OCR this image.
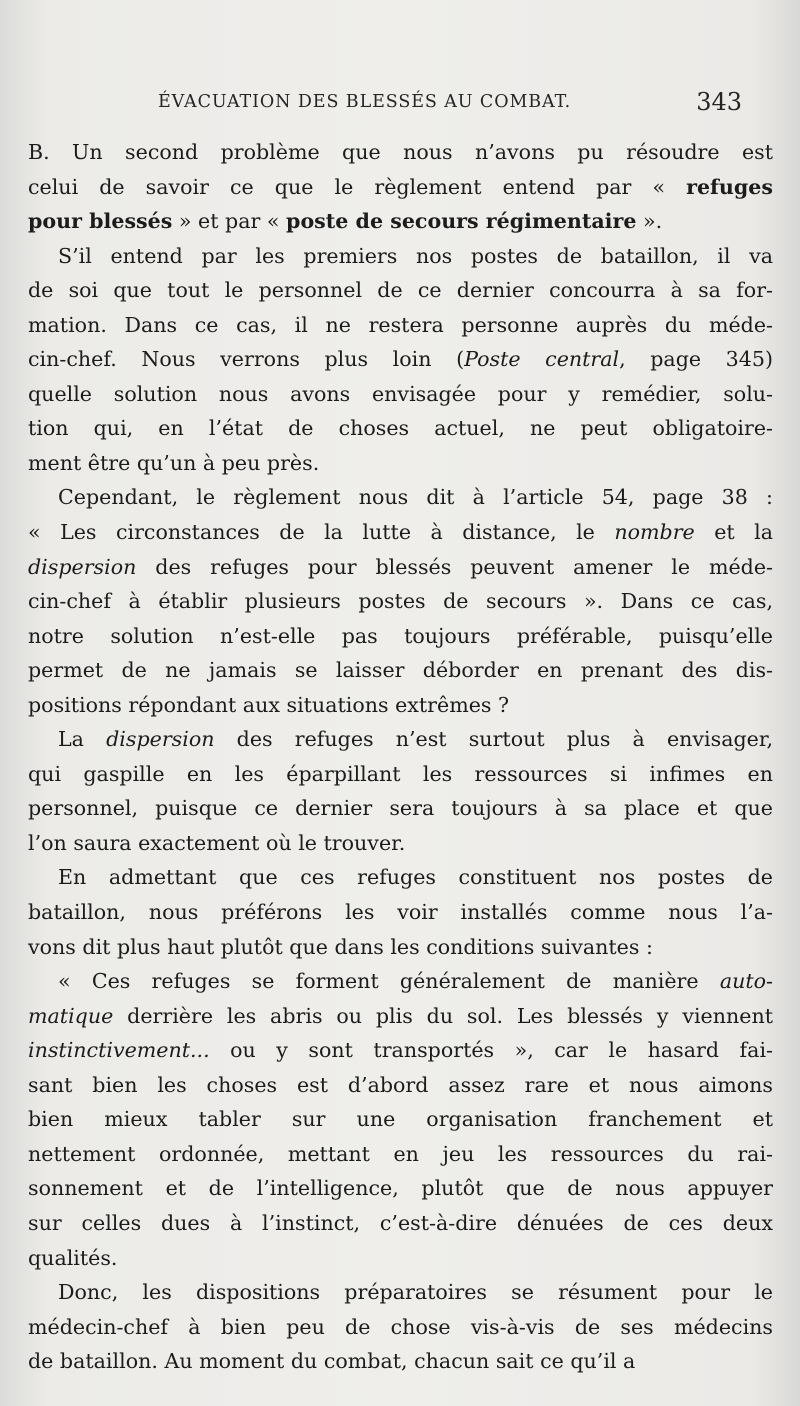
ÉVACUATION DES BLESSÉS AU COMBAT.	343
B. Un second problème que nous n’avons pu résoudre est
celui de savoir ce que le règlement entend par « refuges
pour blessés » et par « poste de secours régimentaire ».
S’il entend par les premiers nos postes de bataillon, il va
de soi que tout le personnel de ce dernier concourra à sa for-
mation. Dans ce cas, il ne restera personne auprès du méde-
cin-chef. Nous verrons plus loin (Poste central, page 345)
quelle solution nous avons envisagée pour y remédier, solu-
tion qui, en l’état de choses actuel, ne peut obligatoire-
ment être qu’un à peu près.
Cependant, le règlement nous dit à l’article 54, page 38 :
« Les circonstances de la lutte à distance, le nombre et la
dispersion des refuges pour blessés peuvent amener le méde-
cin-chef à établir plusieurs postes de secours ». Dans ce cas,
notre solution n’est-elle pas toujours préférable, puisqu’elle
permet de ne jamais se laisser déborder en prenant des dis-
positions répondant aux situations extrêmes ?
La dispersion des refuges n’est surtout plus à envisager,
qui gaspille en les éparpillant les ressources si infimes en
personnel, puisque ce dernier sera toujours à sa place et que
l’on saura exactement où le trouver.
En admettant que ces refuges constituent nos postes de
bataillon, nous préférons les voir installés comme nous l’a-
vons dit plus haut plutôt que dans les conditions suivantes :
« Ces refuges se forment généralement de manière auto-
matique derrière les abris ou plis du sol. Les blessés y viennent
instinctivement... ou y sont transportés », car le hasard fai-
sant bien les choses est d’abord assez rare et nous aimons
bien mieux tabler sur une organisation franchement et
nettement ordonnée, mettant en jeu les ressources du rai-
sonnement et de l’intelligence, plutôt que de nous appuyer
sur celles dues à l’instinct, c’est-à-dire dénuées de ces deux
qualités.
Donc, les dispositions préparatoires se résument pour le
médecin-chef à bien peu de chose vis-à-vis de ses médecins
de bataillon. Au moment du combat, chacun sait ce qu’il a
